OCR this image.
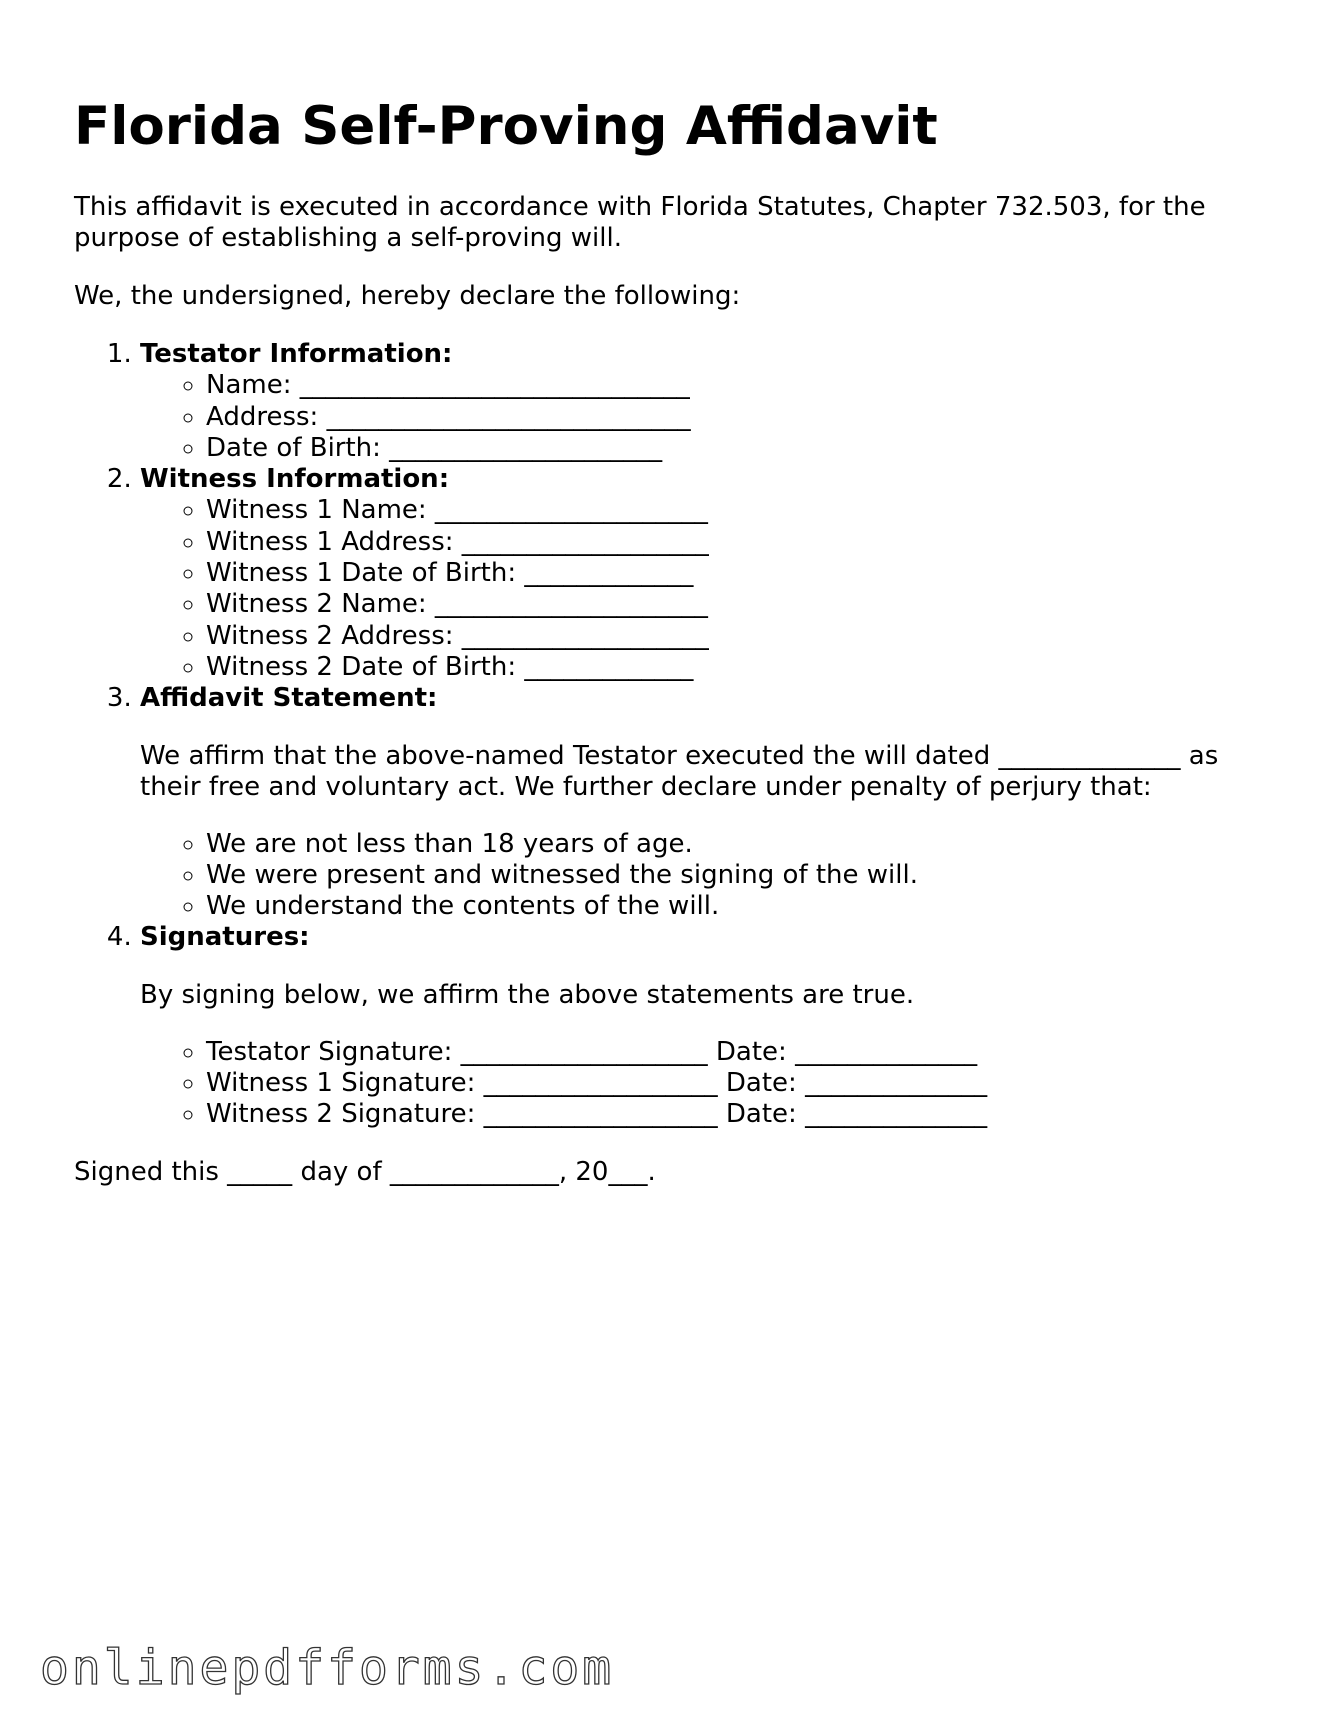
Florida Self-Proving Affidavit

This affidavit is executed in accordance with Florida Statutes, Chapter 732.503, for the purpose of establishing a self-proving will.

We, the undersigned, hereby declare the following:

1. Testator Information:
◦ Name: ______________________________
◦ Address: ____________________________
◦ Date of Birth: _____________________
2. Witness Information:
◦ Witness 1 Name: _____________________
◦ Witness 1 Address: ___________________
◦ Witness 1 Date of Birth: _____________
◦ Witness 2 Name: _____________________
◦ Witness 2 Address: ___________________
◦ Witness 2 Date of Birth: _____________
3. Affidavit Statement:

We affirm that the above-named Testator executed the will dated ______________ as their free and voluntary act. We further declare under penalty of perjury that:

◦ We are not less than 18 years of age.
◦ We were present and witnessed the signing of the will.
◦ We understand the contents of the will.
4. Signatures:

By signing below, we affirm the above statements are true.

◦ Testator Signature: ___________________ Date: ______________
◦ Witness 1 Signature: __________________ Date: ______________
◦ Witness 2 Signature: __________________ Date: ______________

Signed this _____ day of _____________, 20___.

onlinepdfforms.com
